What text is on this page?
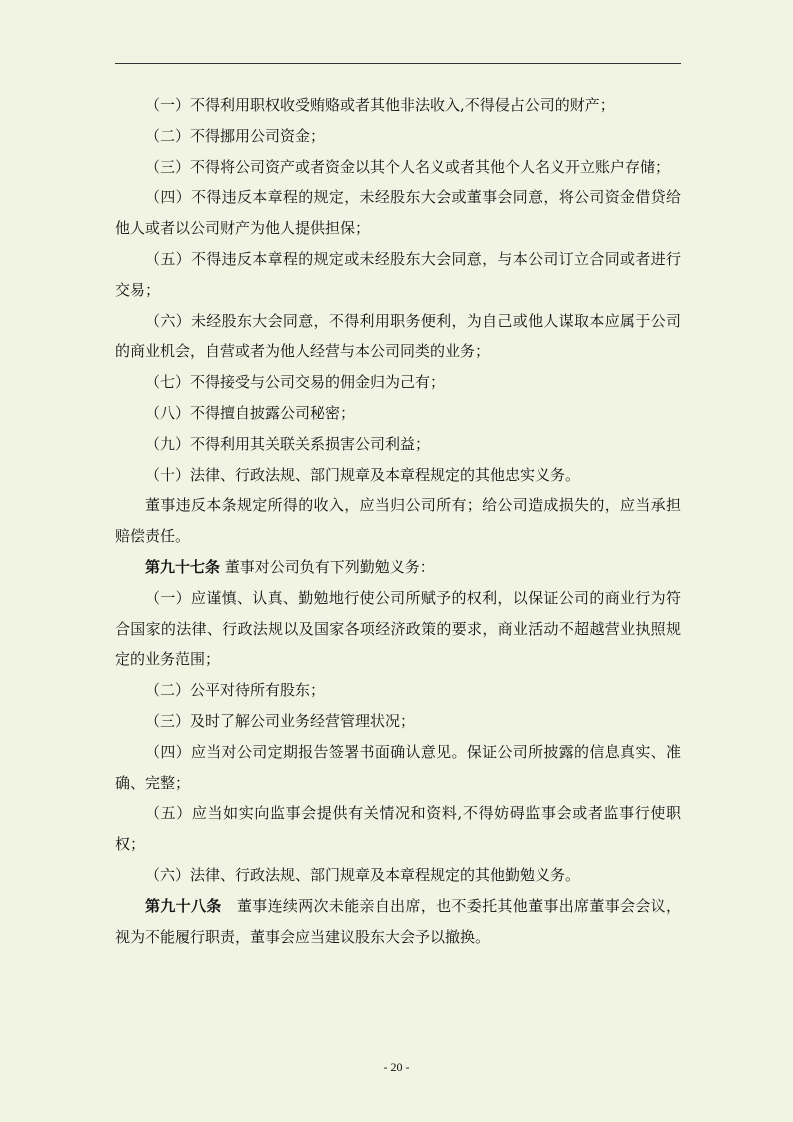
（一）不得利用职权收受贿赂或者其他非法收入,不得侵占公司的财产；

（二）不得挪用公司资金；

（三）不得将公司资产或者资金以其个人名义或者其他个人名义开立账户存储；

（四）不得违反本章程的规定，未经股东大会或董事会同意，将公司资金借贷给他人或者以公司财产为他人提供担保；

（五）不得违反本章程的规定或未经股东大会同意，与本公司订立合同或者进行交易；

（六）未经股东大会同意，不得利用职务便利，为自己或他人谋取本应属于公司的商业机会，自营或者为他人经营与本公司同类的业务；

（七）不得接受与公司交易的佣金归为己有；

（八）不得擅自披露公司秘密；

（九）不得利用其关联关系损害公司利益；

（十）法律、行政法规、部门规章及本章程规定的其他忠实义务。

董事违反本条规定所得的收入，应当归公司所有；给公司造成损失的，应当承担赔偿责任。

第九十七条 董事对公司负有下列勤勉义务：

（一）应谨慎、认真、勤勉地行使公司所赋予的权利，以保证公司的商业行为符合国家的法律、行政法规以及国家各项经济政策的要求，商业活动不超越营业执照规定的业务范围；

（二）公平对待所有股东；

（三）及时了解公司业务经营管理状况；

（四）应当对公司定期报告签署书面确认意见。保证公司所披露的信息真实、准确、完整；

（五）应当如实向监事会提供有关情况和资料,不得妨碍监事会或者监事行使职权；

（六）法律、行政法规、部门规章及本章程规定的其他勤勉义务。

第九十八条　董事连续两次未能亲自出席，也不委托其他董事出席董事会会议，视为不能履行职责，董事会应当建议股东大会予以撤换。

- 20 -
